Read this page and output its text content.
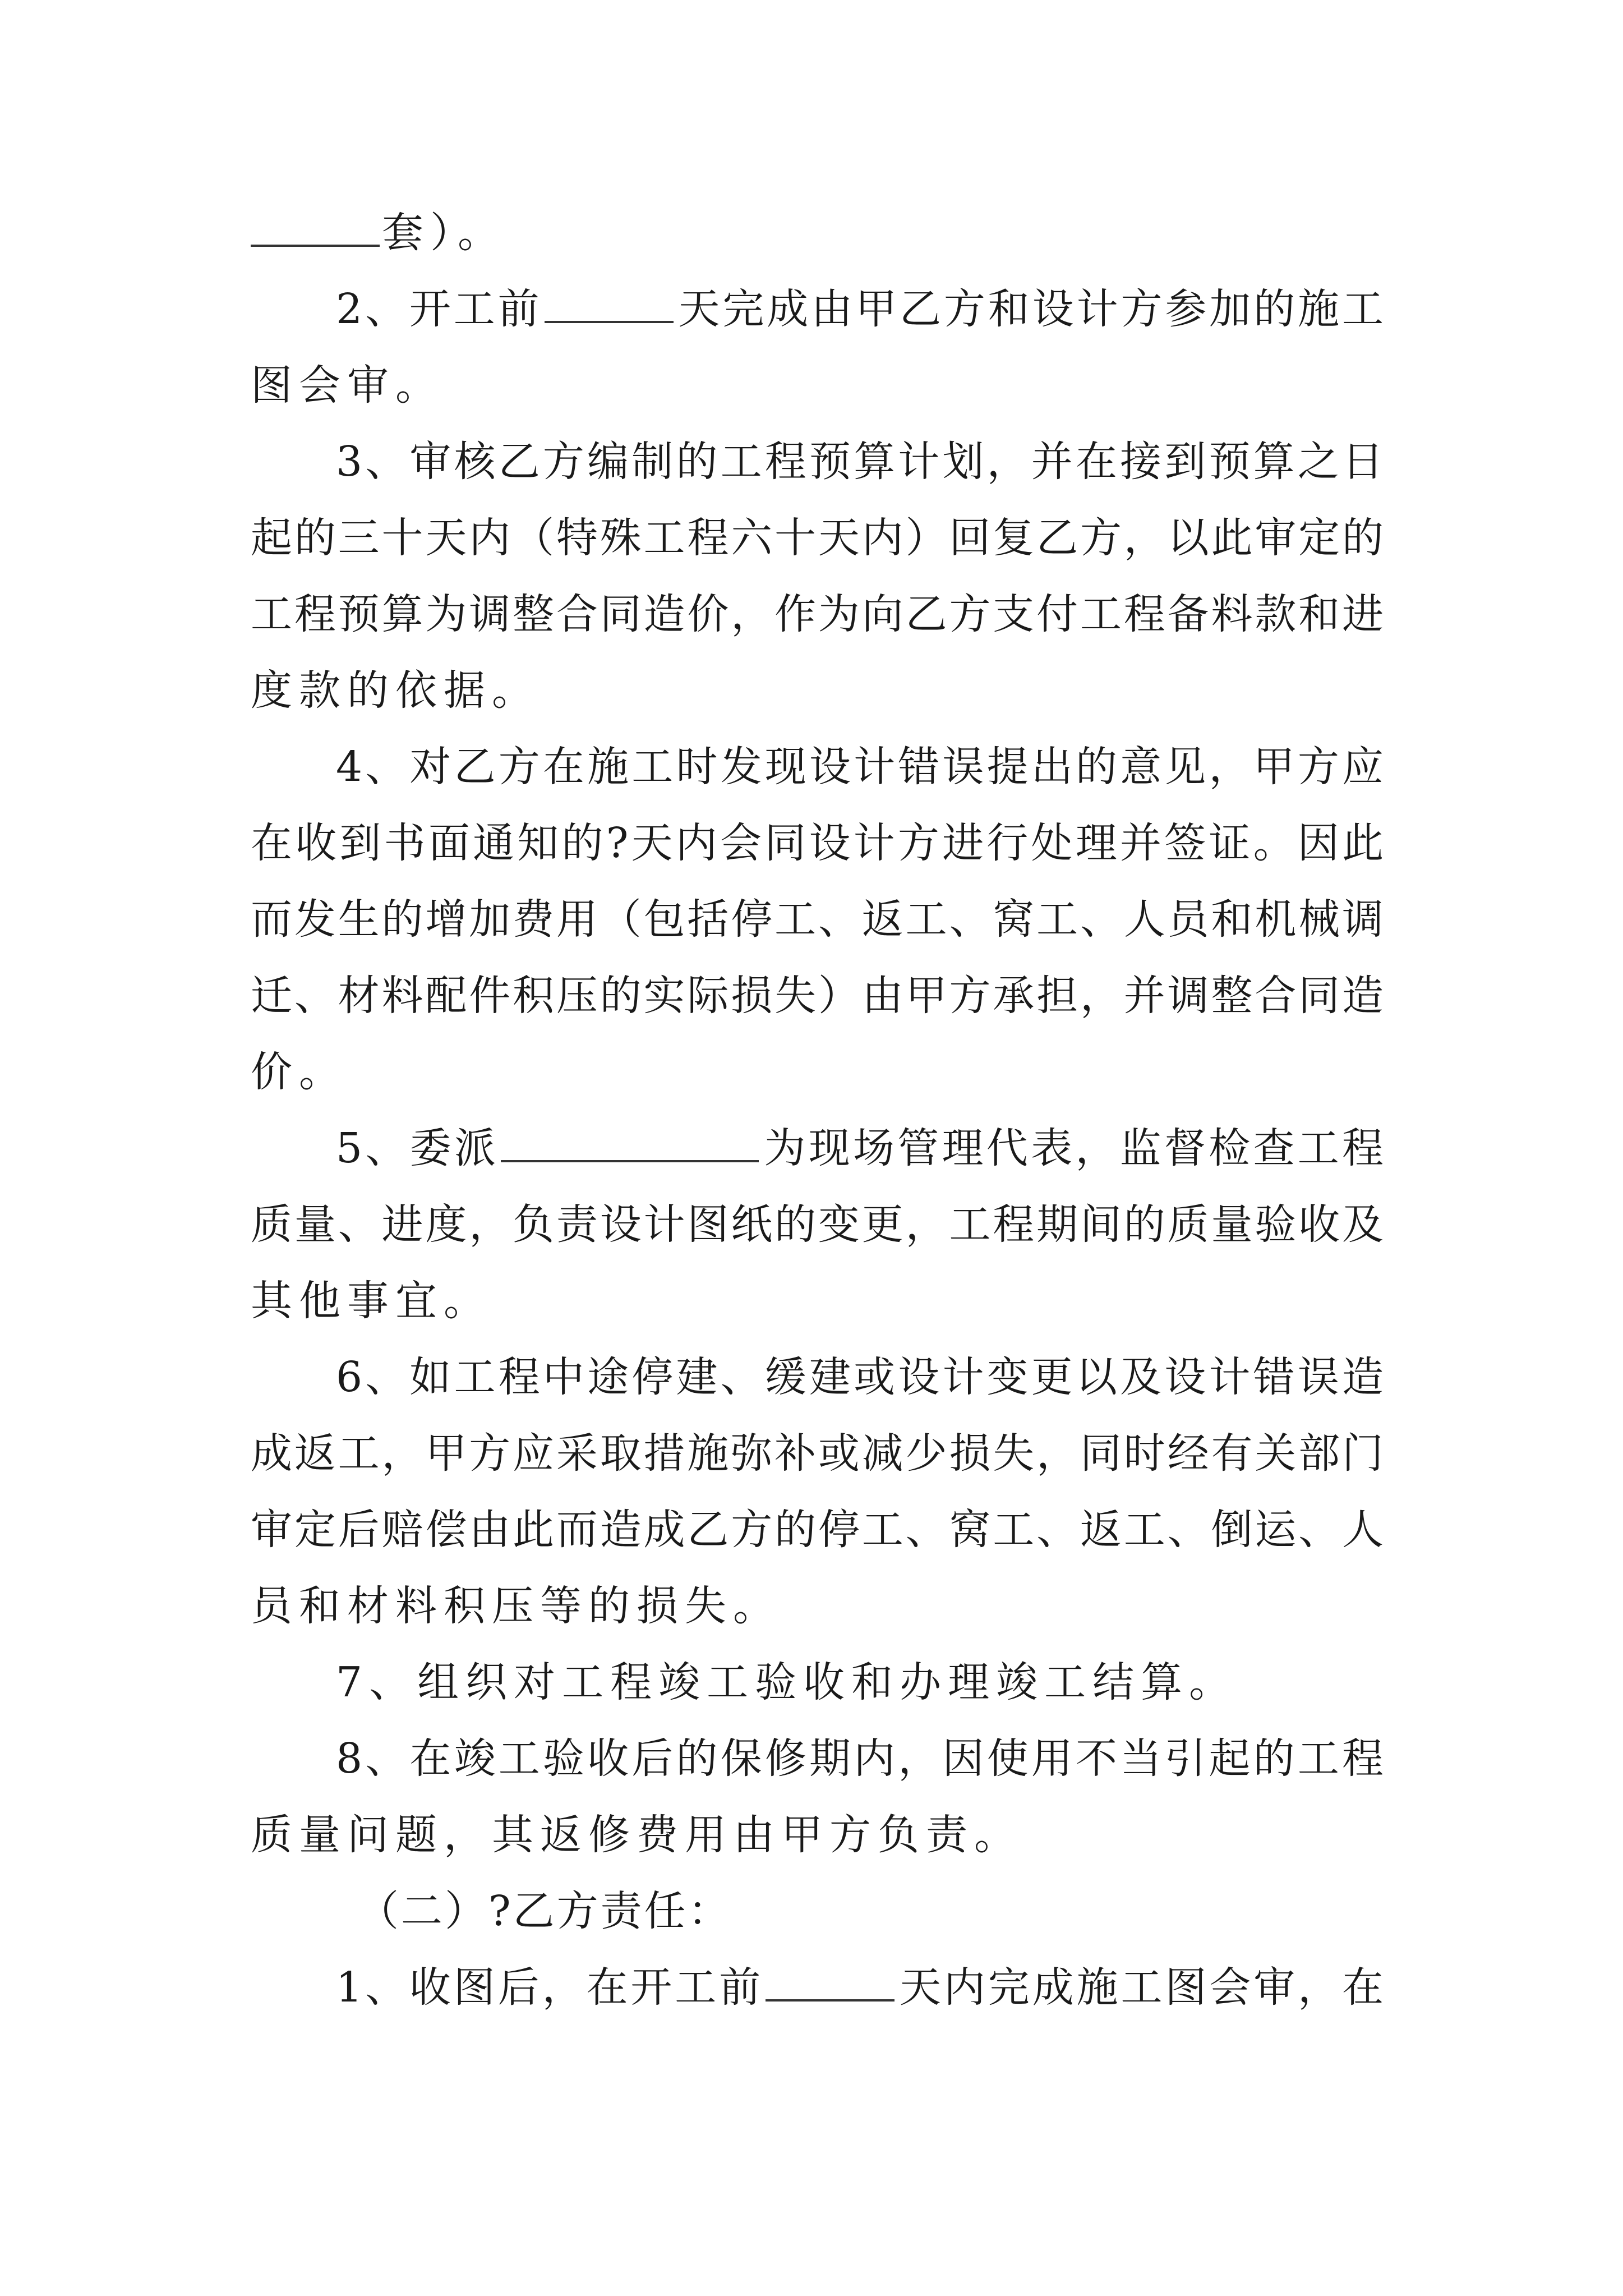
套）。
2、开工前	天完成由甲乙方和设计方参加的施工
图会审。
3、审核乙方编制的工程预算计划，并在接到预算之日
起的三十天内（特殊工程六十天内）回复乙方，以此审定的
工程预算为调整合同造价，作为向乙方支付工程备料款和进
度款的依据。
4、对乙方在施工时发现设计错误提出的意见，甲方应
在收到书面通知的?天内会同设计方进行处理并签证。因此
而发生的增加费用（包括停工、返工、窝工、人员和机械调
迁、材料配件积压的实际损失）由甲方承担，并调整合同造
价。
5、委派	为现场管理代表，监督检查工程
质量、进度，负责设计图纸的变更，工程期间的质量验收及
其他事宜。
6、如工程中途停建、缓建或设计变更以及设计错误造
成返工，甲方应采取措施弥补或减少损失，同时经有关部门
审定后赔偿由此而造成乙方的停工、窝工、返工、倒运、人
员和材料积压等的损失。
7、组织对工程竣工验收和办理竣工结算。
8、在竣工验收后的保修期内，因使用不当引起的工程
质量问题，其返修费用由甲方负责。
（二）?乙方责任：
1、收图后，在开工前	天内完成施工图会审，在
